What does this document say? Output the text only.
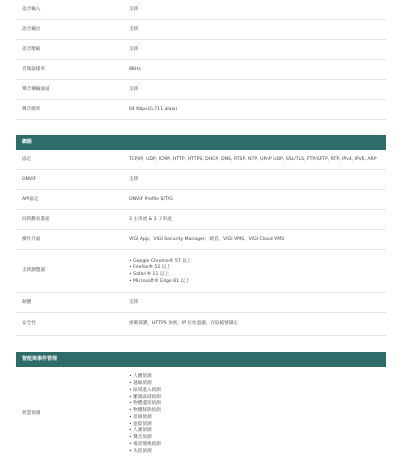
語音輸入	支援
語音輸出	支援
語音壓縮	支援
音頻取樣率	8KHz
聲音傳輸通道	支援
聲音碼率	64 Kbps(G.711 alaw)
網路
協定	TCP/IP, UDP, ICMP, HTTP, HTTPS, DHCP, DNS, RTSP, NTP, UPnP UDP, SSL/TLS, FTP/SFTP, RTP, IPv4, IPv6, ARP
ONVIF	支援
API協定	ONVIF Profile S/T/G
同時觀看畫面	3 主串流 & 3 子串流
操作介面	VIGI App、VIGI Security Manager、網頁、VIGI VMS、VIGI Cloud VMS
支援瀏覽器
• Google Chrome® 57 以上
• Firefox® 52 以上
• Safari® 11 以上
• Microsoft® Edge 81 以上
韌體	支援
安全性	密碼保護、HTTPS 加密、IP 位址過濾、存取帳號鎖定
智能與事件管理
智慧偵測
• 人體偵測
• 越線偵測
• 區域進入偵測
• 離開區域偵測
• 物體遺留偵測
• 物體移除偵測
• 徘徊偵測
• 遮擋偵測
• 人潮偵測
• 聲音偵測
• 場景變換偵測
• 失焦偵測
